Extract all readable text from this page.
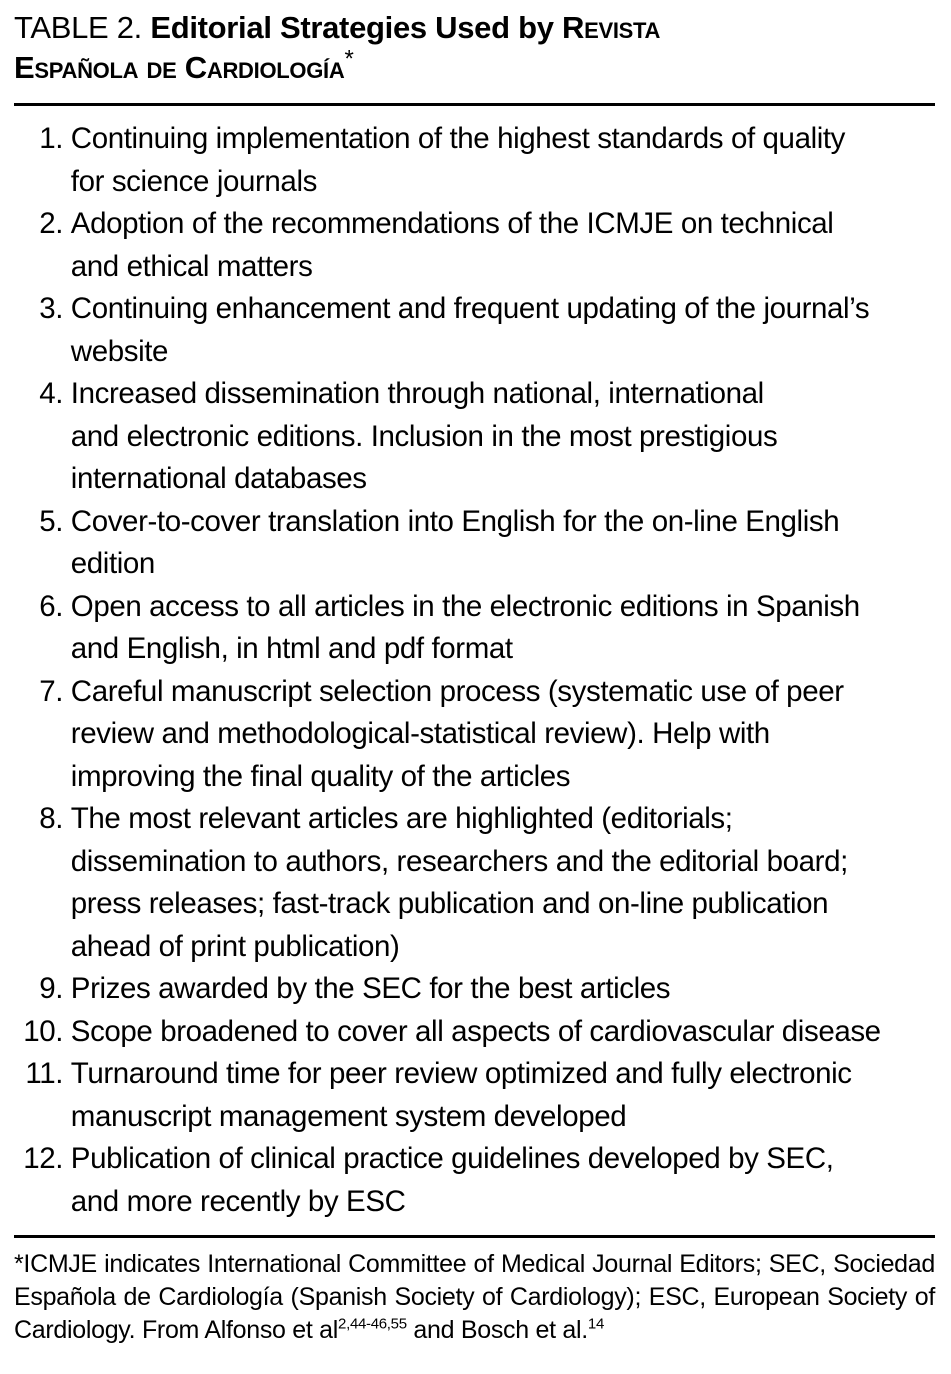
TABLE 2. Editorial Strategies Used by Revista
Española de Cardiología*
1.
Continuing implementation of the highest standards of quality
for science journals
2.
Adoption of the recommendations of the ICMJE on technical
and ethical matters
3.
Continuing enhancement and frequent updating of the journal’s
website
4.
Increased dissemination through national, international
and electronic editions. Inclusion in the most prestigious
international databases
5.
Cover-to-cover translation into English for the on-line English
edition
6.
Open access to all articles in the electronic editions in Spanish
and English, in html and pdf format
7.
Careful manuscript selection process (systematic use of peer
review and methodological-statistical review). Help with
improving the final quality of the articles
8.
The most relevant articles are highlighted (editorials;
dissemination to authors, researchers and the editorial board;
press releases; fast-track publication and on-line publication
ahead of print publication)
9.
Prizes awarded by the SEC for the best articles
10.
Scope broadened to cover all aspects of cardiovascular disease
11.
Turnaround time for peer review optimized and fully electronic
manuscript management system developed
12.
Publication of clinical practice guidelines developed by SEC,
and more recently by ESC
*ICMJE indicates International Committee of Medical Journal Editors; SEC, Sociedad Española de Cardiología (Spanish Society of Cardiology); ESC, European Society of Cardiology. From Alfonso et al$^{2,44-46,55}$ and Bosch et al.$^{14}$
